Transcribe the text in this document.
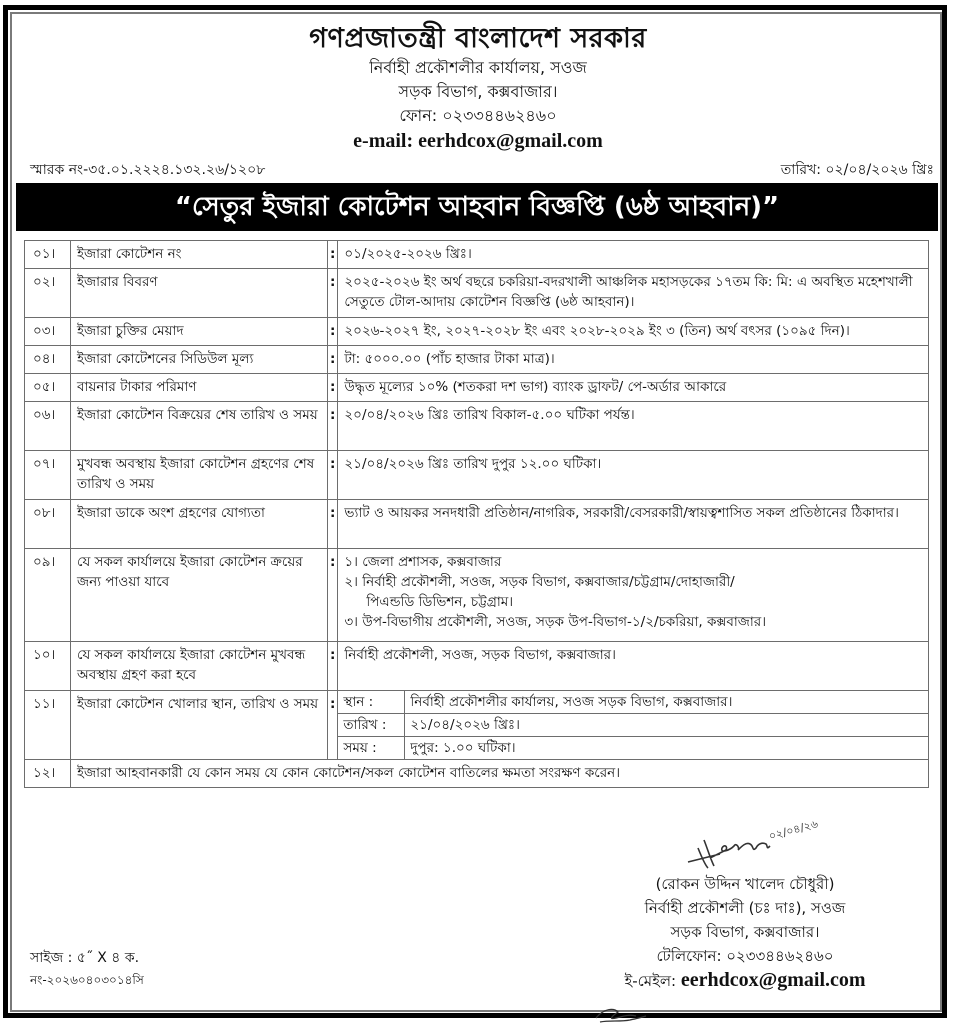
গণপ্রজাতন্ত্রী বাংলাদেশ সরকার
নির্বাহী প্রকৌশলীর কার্যালয়, সওজ
সড়ক বিভাগ, কক্সবাজার।
ফোন: ০২৩৩৪৪৬২৪৬০
e-mail: eerhdcox@gmail.com
স্মারক নং-৩৫.০১.২২২৪.১৩২.২৬/১২০৮	তারিখ: ০২/০৪/২০২৬ খ্রিঃ
“সেতুর ইজারা কোটেশন আহবান বিজ্ঞপ্তি (৬ষ্ঠ আহবান)”
০১।	ইজারা কোটেশন নং	:	০১/২০২৫-২০২৬ খ্রিঃ।
০২।	ইজারার বিবরণ	:	২০২৫-২০২৬ ইং অর্থ বছরে চকরিয়া-বদরখালী আঞ্চলিক মহাসড়কের ১৭তম কি: মি: এ অবস্থিত মহেশখালী সেতুতে টোল-আদায় কোটেশন বিজ্ঞপ্তি (৬ষ্ঠ আহবান)।
০৩।	ইজারা চুক্তির মেয়াদ	:	২০২৬-২০২৭ ইং, ২০২৭-২০২৮ ইং এবং ২০২৮-২০২৯ ইং ৩ (তিন) অর্থ বৎসর (১০৯৫ দিন)।
০৪।	ইজারা কোটেশনের সিডিউল মূল্য	:	টা: ৫০০০.০০ (পাঁচ হাজার টাকা মাত্র)।
০৫।	বায়নার টাকার পরিমাণ	:	উদ্ধৃত মূল্যের ১০% (শতকরা দশ ভাগ) ব্যাংক ড্রাফট/ পে-অর্ডার আকারে
০৬।	ইজারা কোটেশন বিক্রয়ের শেষ তারিখ ও সময়	:	২০/০৪/২০২৬ খ্রিঃ তারিখ বিকাল-৫.০০ ঘটিকা পর্যন্ত।
০৭।	মুখবন্ধ অবস্থায় ইজারা কোটেশন গ্রহণের শেষ তারিখ ও সময়	:	২১/০৪/২০২৬ খ্রিঃ তারিখ দুপুর ১২.০০ ঘটিকা।
০৮।	ইজারা ডাকে অংশ গ্রহণের যোগ্যতা	:	ভ্যাট ও আয়কর সনদধারী প্রতিষ্ঠান/নাগরিক, সরকারী/বেসরকারী/স্বায়ত্বশাসিত সকল প্রতিষ্ঠানের ঠিকাদার।
০৯।	যে সকল কার্যালয়ে ইজারা কোটেশন ক্রয়ের জন্য পাওয়া যাবে	:	১। জেলা প্রশাসক, কক্সবাজার
২। নির্বাহী প্রকৌশলী, সওজ, সড়ক বিভাগ, কক্সবাজার/চট্টগ্রাম/দোহাজারী/
পিএন্ডডি ডিভিশন, চট্টগ্রাম।
৩। উপ-বিভাগীয় প্রকৌশলী, সওজ, সড়ক উপ-বিভাগ-১/২/চকরিয়া, কক্সবাজার।

১০।	যে সকল কার্যালয়ে ইজারা কোটেশন মুখবন্ধ অবস্থায় গ্রহণ করা হবে	:	নির্বাহী প্রকৌশলী, সওজ, সড়ক বিভাগ, কক্সবাজার।
১১।	ইজারা কোটেশন খোলার স্থান, তারিখ ও সময়	:	স্থান :	নির্বাহী প্রকৌশলীর কার্যালয়, সওজ সড়ক বিভাগ, কক্সবাজার।
তারিখ :	২১/০৪/২০২৬ খ্রিঃ।
সময় :	দুপুর: ১.০০ ঘটিকা।

১২।	ইজারা আহবানকারী যে কোন সময় যে কোন কোটেশন/সকল কোটেশন বাতিলের ক্ষমতা সংরক্ষণ করেন।
০২/০৪/২৬
(রোকন উদ্দিন খালেদ চৌধুরী)
নির্বাহী প্রকৌশলী (চঃ দাঃ), সওজ
সড়ক বিভাগ, কক্সবাজার।
টেলিফোন: ০২৩৩৪৪৬২৪৬০
ই-মেইল: eerhdcox@gmail.com
সাইজ : ৫˝ X ৪ ক.
নং-২০২৬০৪০৩০১৪সি
